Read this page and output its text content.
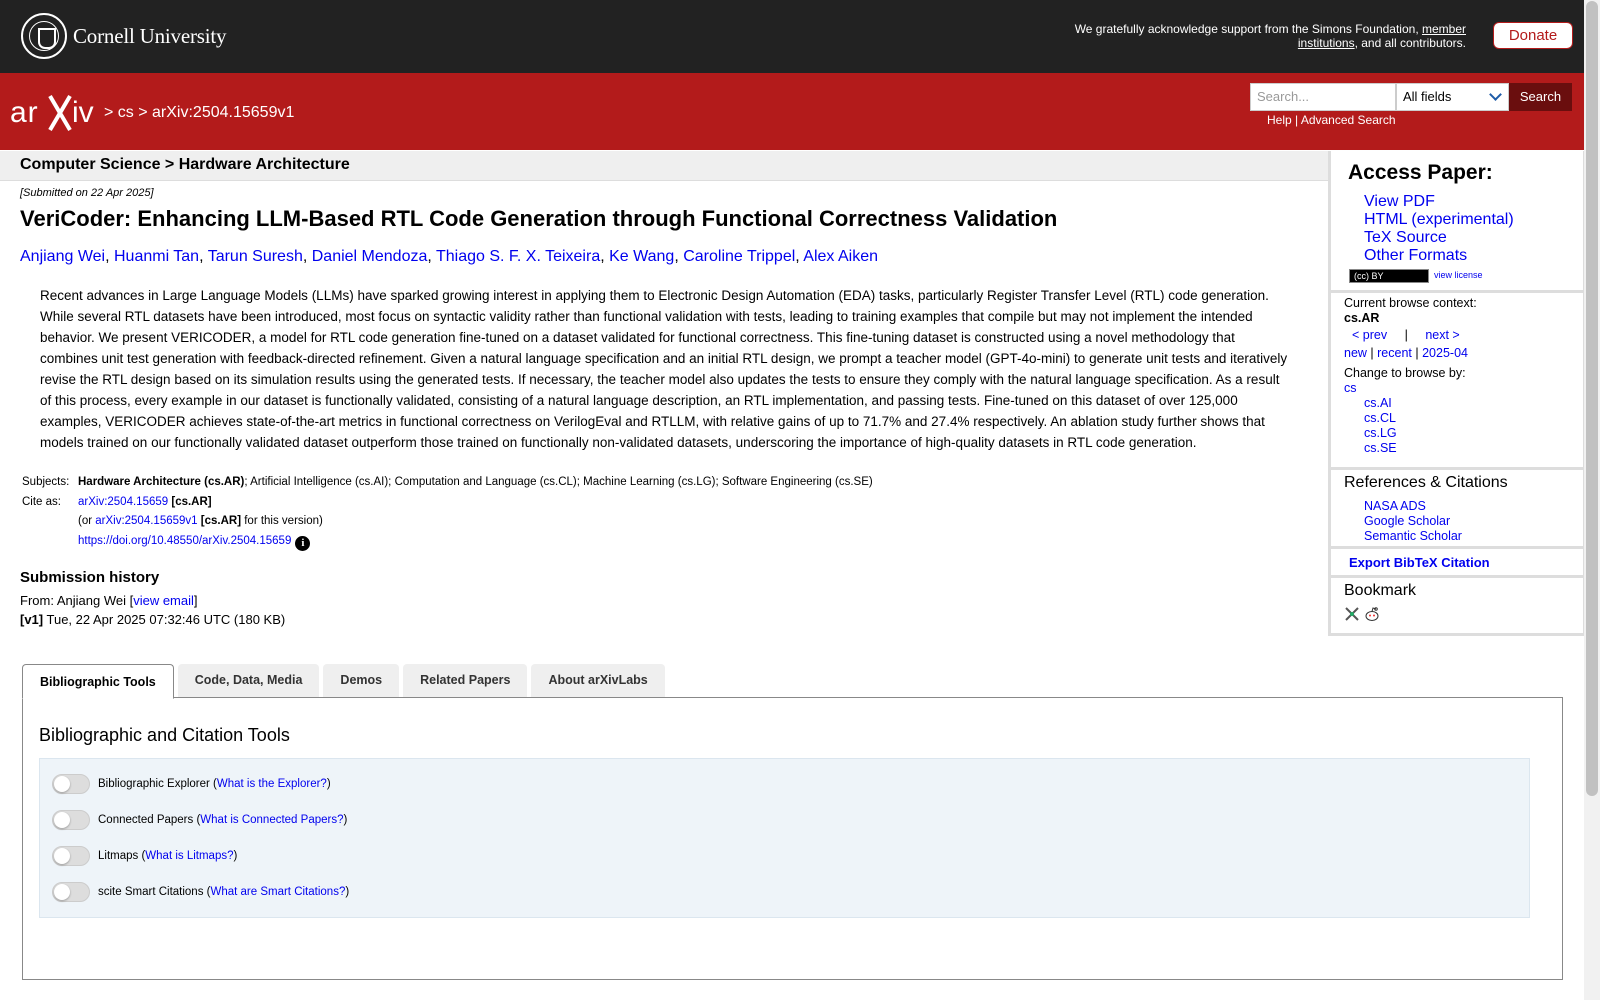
Cornell University	We gratefully acknowledge support from the Simons Foundation, member institutions, and all contributors.	Donate
ar iv > cs > arXiv:2504.15659v1
Search...	All fields	Search
Help | Advanced Search
Computer Science > Hardware Architecture
[Submitted on 22 Apr 2025]
VeriCoder: Enhancing LLM-Based RTL Code Generation through Functional Correctness Validation
Anjiang Wei, Huanmi Tan, Tarun Suresh, Daniel Mendoza, Thiago S. F. X. Teixeira, Ke Wang, Caroline Trippel, Alex Aiken
Recent advances in Large Language Models (LLMs) have sparked growing interest in applying them to Electronic Design Automation (EDA) tasks, particularly Register Transfer Level (RTL) code generation. While several RTL datasets have been introduced, most focus on syntactic validity rather than functional validation with tests, leading to training examples that compile but may not implement the intended behavior. We present VERICODER, a model for RTL code generation fine-tuned on a dataset validated for functional correctness. This fine-tuning dataset is constructed using a novel methodology that combines unit test generation with feedback-directed refinement. Given a natural language specification and an initial RTL design, we prompt a teacher model (GPT-4o-mini) to generate unit tests and iteratively revise the RTL design based on its simulation results using the generated tests. If necessary, the teacher model also updates the tests to ensure they comply with the natural language specification. As a result of this process, every example in our dataset is functionally validated, consisting of a natural language description, an RTL implementation, and passing tests. Fine-tuned on this dataset of over 125,000 examples, VERICODER achieves state-of-the-art metrics in functional correctness on VerilogEval and RTLLM, with relative gains of up to 71.7% and 27.4% respectively. An ablation study further shows that models trained on our functionally validated dataset outperform those trained on functionally non-validated datasets, underscoring the importance of high-quality datasets in RTL code generation.
Subjects: Hardware Architecture (cs.AR); Artificial Intelligence (cs.AI); Computation and Language (cs.CL); Machine Learning (cs.LG); Software Engineering (cs.SE)
Cite as:	arXiv:2504.15659 [cs.AR]
(or arXiv:2504.15659v1 [cs.AR] for this version)
https://doi.org/10.48550/arXiv.2504.15659 i
Submission history
From: Anjiang Wei [view email]
[v1] Tue, 22 Apr 2025 07:32:46 UTC (180 KB)
Access Paper:
View PDF
HTML (experimental)
TeX Source
Other Formats
(cc) BY	view license
Current browse context:
cs.AR
< prev | next >
new | recent | 2025-04
Change to browse by:
cs
cs.AI
cs.CL
cs.LG
cs.SE
References & Citations
NASA ADS
Google Scholar
Semantic Scholar
Export BibTeX Citation
Bookmark
Bibliographic Tools	Code, Data, Media	Demos	Related Papers	About arXivLabs
Bibliographic and Citation Tools
Bibliographic Explorer ( What is the Explorer? )
Connected Papers ( What is Connected Papers? )
Litmaps ( What is Litmaps? )
scite Smart Citations ( What are Smart Citations? )
